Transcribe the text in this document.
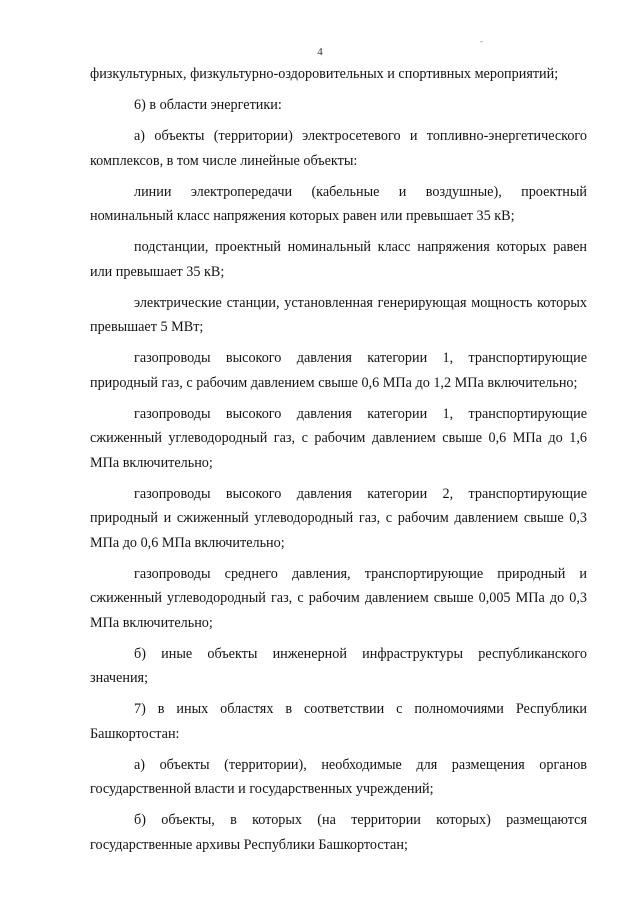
4
-

физкультурных, физкультурно-оздоровительных и спортивных мероприятий;

6) в области энергетики:

а) объекты (территории) электросетевого и топливно-энергетического комплексов, в том числе линейные объекты:

линии электропередачи (кабельные и воздушные), проектный номинальный класс напряжения которых равен или превышает 35 кВ;

подстанции, проектный номинальный класс напряжения которых равен или превышает 35 кВ;

электрические станции, установленная генерирующая мощность которых превышает 5 МВт;

газопроводы высокого давления категории 1, транспортирующие природный газ, с рабочим давлением свыше 0,6 МПа до 1,2 МПа включительно;

газопроводы высокого давления категории 1, транспортирующие сжиженный углеводородный газ, с рабочим давлением свыше 0,6 МПа до 1,6 МПа включительно;

газопроводы высокого давления категории 2, транспортирующие природный и сжиженный углеводородный газ, с рабочим давлением свыше 0,3 МПа до 0,6 МПа включительно;

газопроводы среднего давления, транспортирующие природный и сжиженный углеводородный газ, с рабочим давлением свыше 0,005 МПа до 0,3 МПа включительно;

б) иные объекты инженерной инфраструктуры республиканского значения;

7) в иных областях в соответствии с полномочиями Республики Башкортостан:

а) объекты (территории), необходимые для размещения органов государственной власти и государственных учреждений;

б) объекты, в которых (на территории которых) размещаются государственные архивы Республики Башкортостан;
